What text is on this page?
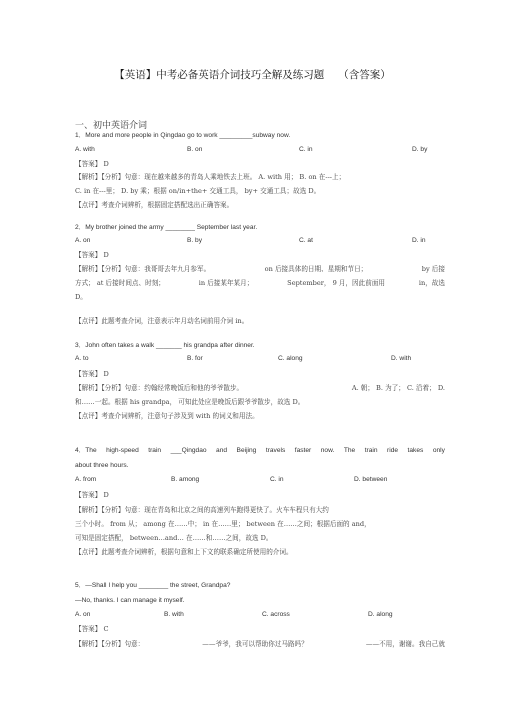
【英语】中考必备英语介词技巧全解及练习题 （含答案）
一、初中英语介词
1．More and more people in Qingdao go to work _________subway now.
A. with	B. on	C. in	D. by
【答案】 D
【解析】【分析】句意：现在越来越多的青岛人乘地铁去上班。 A. with 用； B. on 在---上；
C. in 在---里； D. by 乘；根据 on/in+the+ 交通工具， by+ 交通工具；故选 D。
【点评】考查介词辨析，根据固定搭配选出正确答案。
2．My brother joined the army ________ September last year.
A. on	B. by	C. at	D. in
【答案】 D
【解析】【分析】句意：我哥哥去年九月参军。	on 后接具体的日期、星期和节日；	by 后接
方式； at 后接时间点、时刻；	in 后接某年某月；	September， 9 月，因此前面用	in，故选
D。
【点评】此题考查介词，注意表示年月动名词前用介词 in。
3．John often takes a walk _______ his grandpa after dinner.
A. to	B. for	C. along	D. with
【答案】 D
【解析】【分析】句意：约翰经常晚饭后和他的爷爷散步。	A. 朝； B. 为了； C. 沿着； D.
和……一起。根据 his grandpa， 可知此处应是晚饭后跟爷爷散步，故选 D。
【点评】考查介词辨析，注意句子涉及到 with 的词义和用法。
4．The high-speed train ___Qingdao and Beijing travels faster now. The train ride takes only
about three hours.
A. from	B. among	C. in	D. between
【答案】 D
【解析】【分析】句意：现在青岛和北京之间的高速列车跑得更快了。火车车程只有大约
三个小时。 from 从； among 在……中； in 在……里； between 在……之间；根据后面的 and，
可知是固定搭配， between…and… 在……和……之间，故选 D。
【点评】此题考查介词辨析，根据句意和上下文的联系确定所使用的介词。
5．—Shall I help you ________ the street, Grandpa?
—No, thanks. I can manage it myself.
A. on	B. with	C. across	D. along
【答案】 C
【解析】【分析】句意：	——爷爷，我可以帮助你过马路吗？	——不用，谢谢。我自己就
